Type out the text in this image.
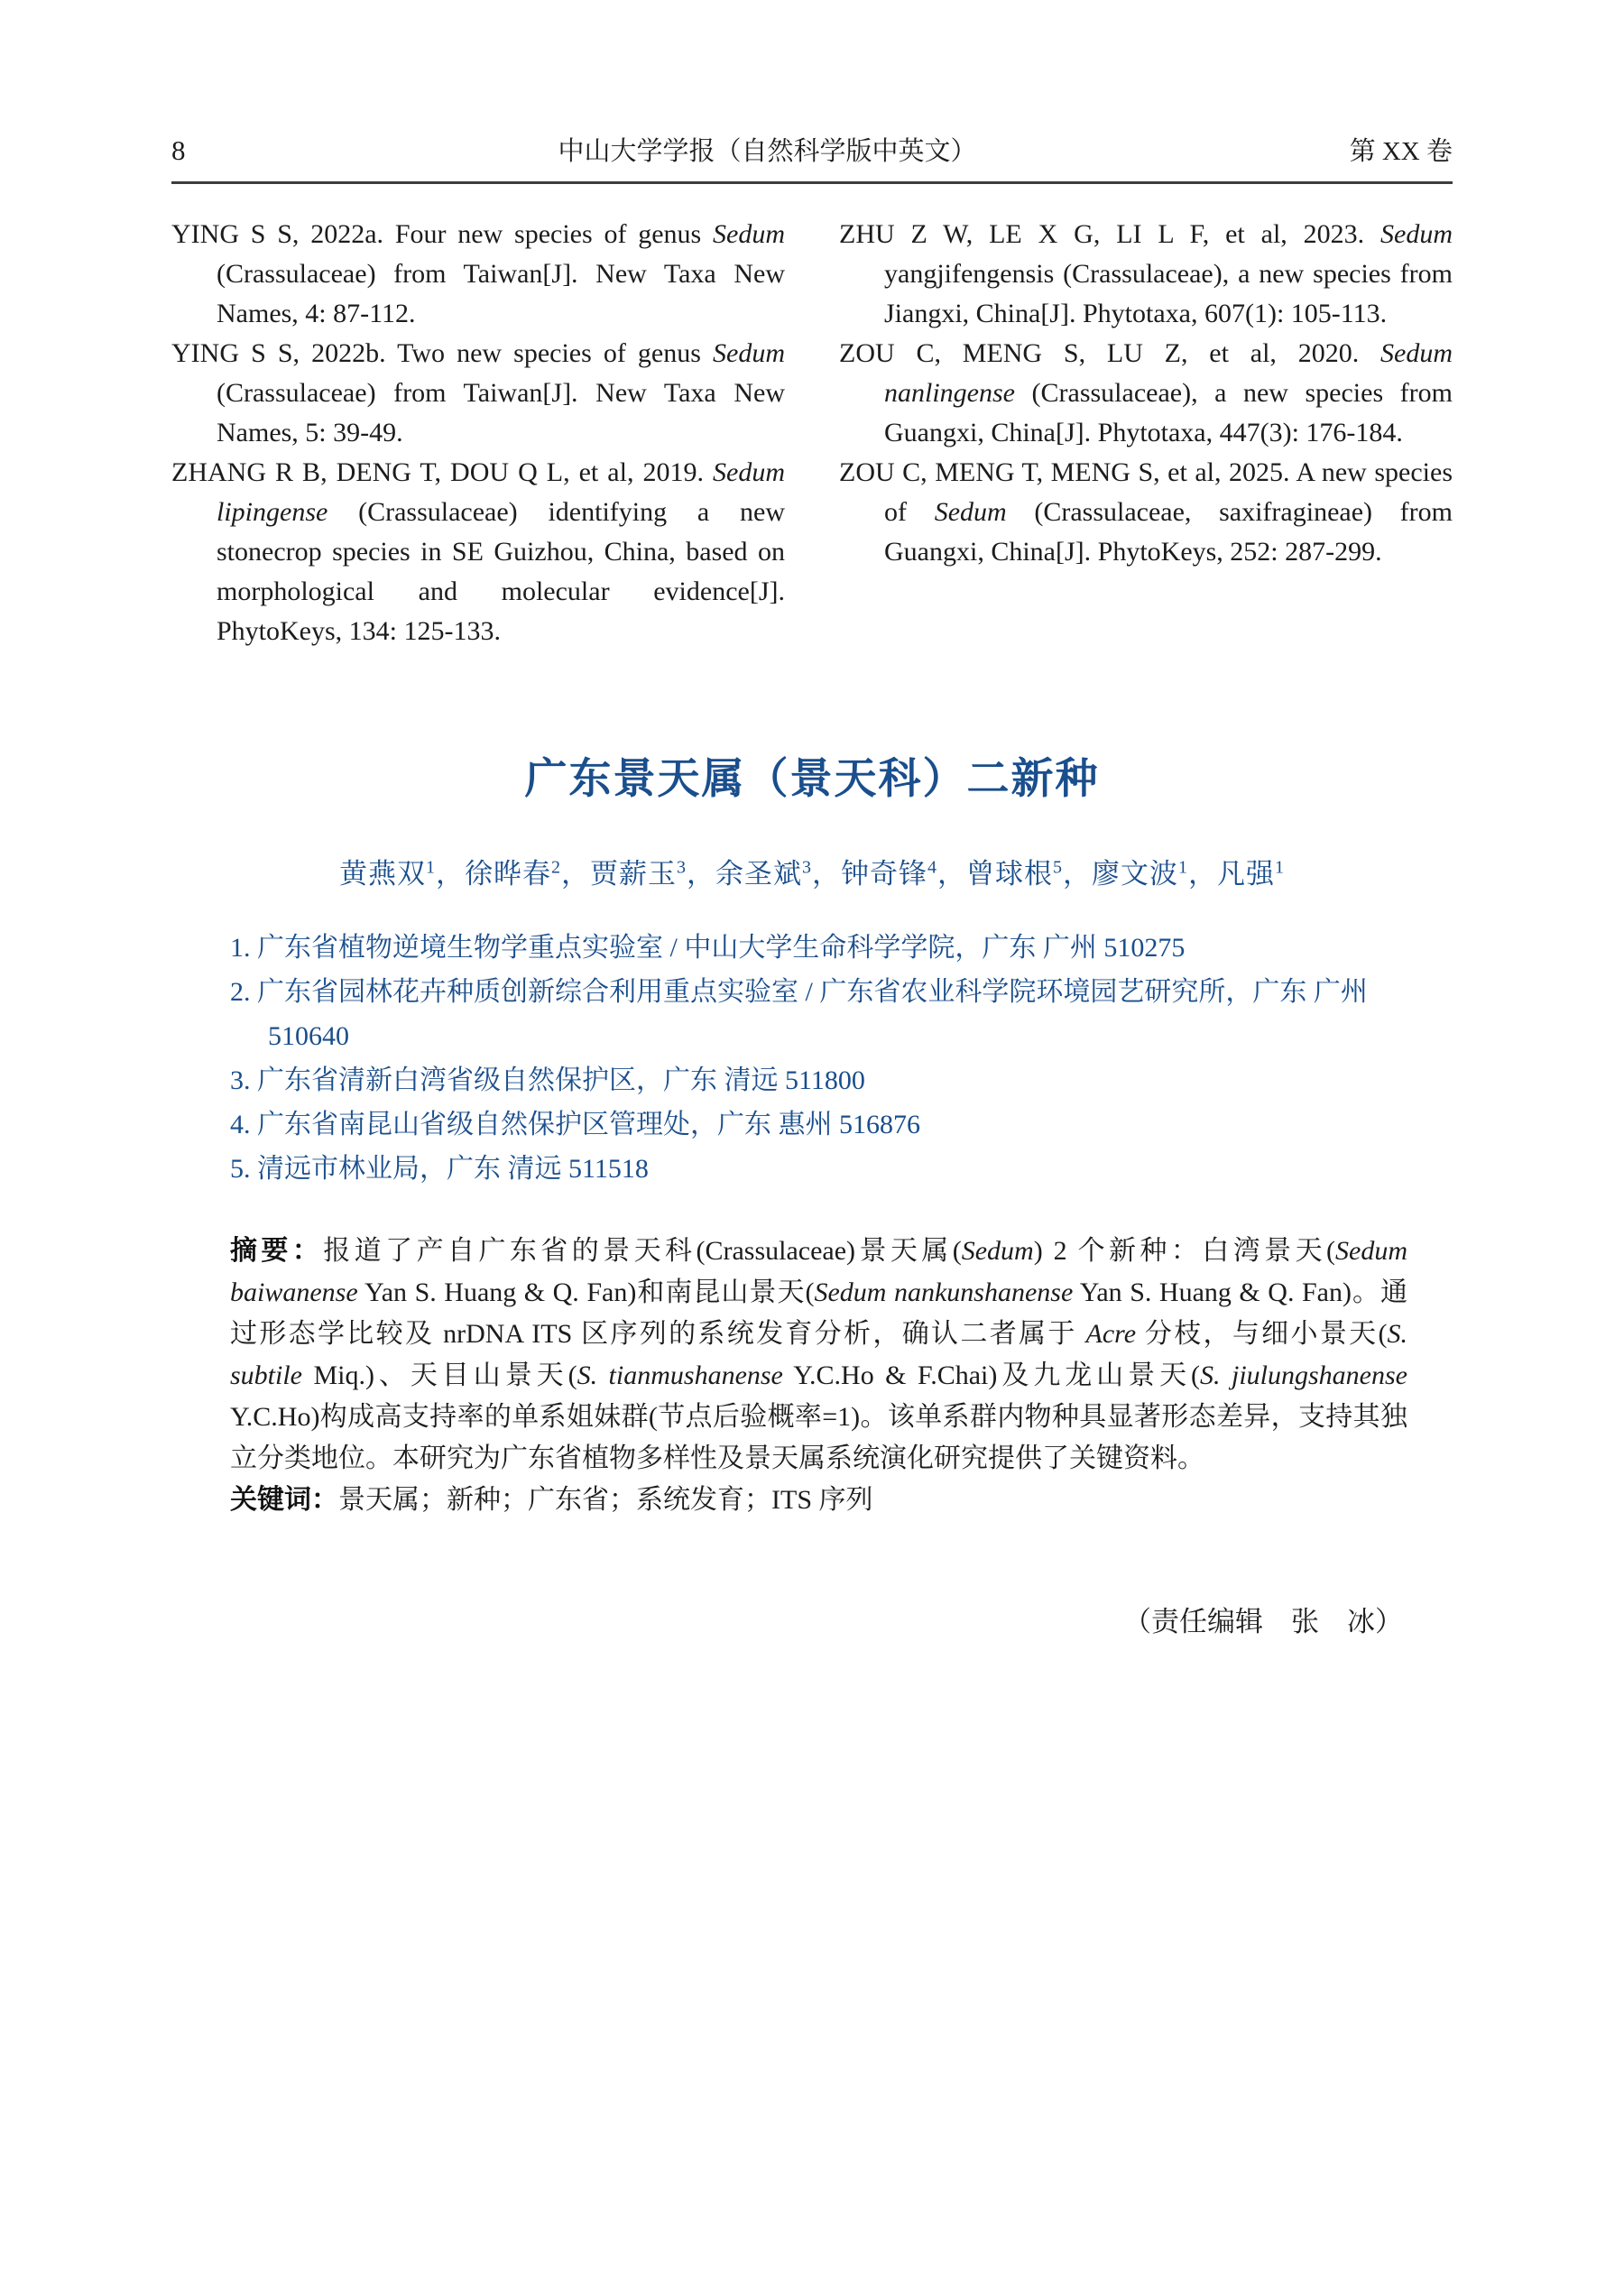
8	中山大学学报（自然科学版中英文）	第 XX 卷

YING S S, 2022a. Four new species of genus Sedum (Crassulaceae) from Taiwan[J]. New Taxa New Names, 4: 87-112.

YING S S, 2022b. Two new species of genus Sedum (Crassulaceae) from Taiwan[J]. New Taxa New Names, 5: 39-49.

ZHANG R B, DENG T, DOU Q L, et al, 2019. Sedum lipingense (Crassulaceae) identifying a new stonecrop species in SE Guizhou, China, based on morphological and molecular evidence[J]. PhytoKeys, 134: 125-133.

ZHU Z W, LE X G, LI L F, et al, 2023. Sedum yangjifengensis (Crassulaceae), a new species from Jiangxi, China[J]. Phytotaxa, 607(1): 105-113.

ZOU C, MENG S, LU Z, et al, 2020. Sedum nanlingense (Crassulaceae), a new species from Guangxi, China[J]. Phytotaxa, 447(3): 176-184.

ZOU C, MENG T, MENG S, et al, 2025. A new species of Sedum (Crassulaceae, saxifragineae) from Guangxi, China[J]. PhytoKeys, 252: 287-299.

广东景天属（景天科）二新种

黄燕双$^1$，徐晔春$^2$，贾薪玉$^3$，余圣斌$^3$，钟奇锋$^4$，曾球根$^5$，廖文波$^1$，凡强$^1$

1. 广东省植物逆境生物学重点实验室 / 中山大学生命科学学院，广东 广州 510275

2. 广东省园林花卉种质创新综合利用重点实验室 / 广东省农业科学院环境园艺研究所，广东 广州 510640

3. 广东省清新白湾省级自然保护区，广东 清远 511800

4. 广东省南昆山省级自然保护区管理处，广东 惠州 516876

5. 清远市林业局，广东 清远 511518

摘要：报道了产自广东省的景天科(Crassulaceae)景天属(Sedum) 2 个新种：白湾景天(Sedum baiwanense Yan S. Huang & Q. Fan)和南昆山景天(Sedum nankunshanense Yan S. Huang & Q. Fan)。通过形态学比较及 nrDNA ITS 区序列的系统发育分析，确认二者属于 Acre 分枝，与细小景天(S. subtile Miq.)、天目山景天(S. tianmushanense Y.C.Ho & F.Chai)及九龙山景天(S. jiulungshanense Y.C.Ho)构成高支持率的单系姐妹群(节点后验概率=1)。该单系群内物种具显著形态差异，支持其独立分类地位。本研究为广东省植物多样性及景天属系统演化研究提供了关键资料。

关键词：景天属；新种；广东省；系统发育；ITS 序列

（责任编辑　张　冰）
